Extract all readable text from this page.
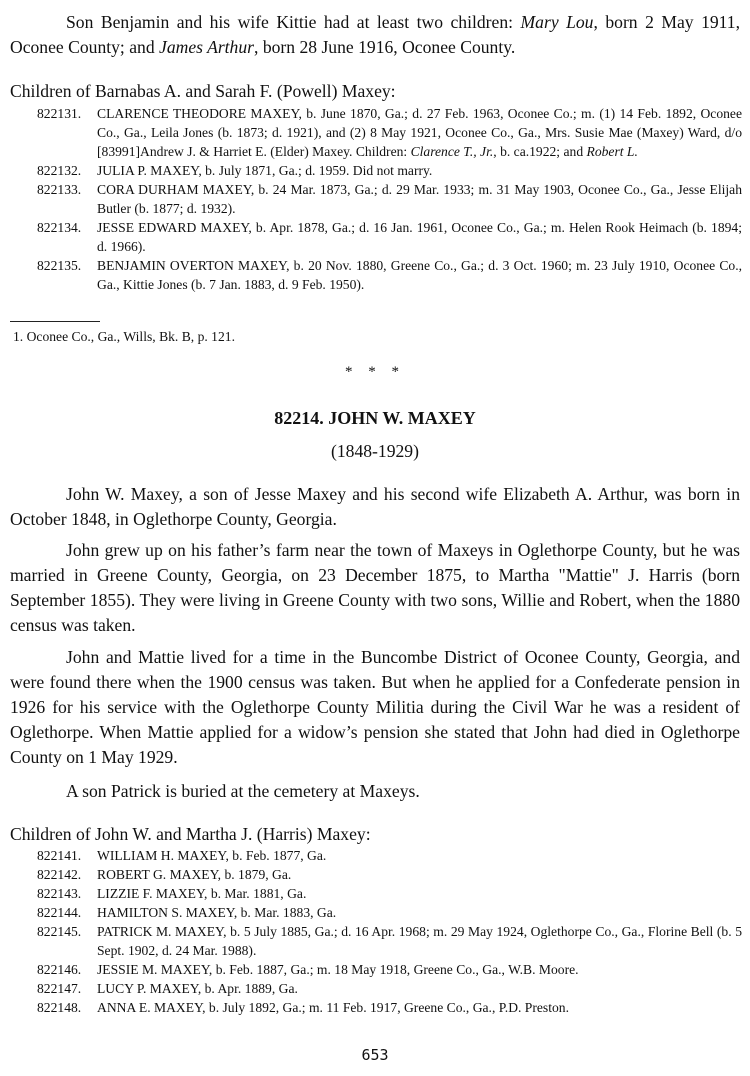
Son Benjamin and his wife Kittie had at least two children: Mary Lou, born 2 May 1911, Oconee County; and James Arthur, born 28 June 1916, Oconee County.

Children of Barnabas A. and Sarah F. (Powell) Maxey:

822131. CLARENCE THEODORE MAXEY, b. June 1870, Ga.; d. 27 Feb. 1963, Oconee Co.; m. (1) 14 Feb. 1892, Oconee Co., Ga., Leila Jones (b. 1873; d. 1921), and (2) 8 May 1921, Oconee Co., Ga., Mrs. Susie Mae (Maxey) Ward, d/o [83991]Andrew J. & Harriet E. (Elder) Maxey. Children: Clarence T., Jr., b. ca.1922; and Robert L.

822132. JULIA P. MAXEY, b. July 1871, Ga.; d. 1959. Did not marry.

822133. CORA DURHAM MAXEY, b. 24 Mar. 1873, Ga.; d. 29 Mar. 1933; m. 31 May 1903, Oconee Co., Ga., Jesse Elijah Butler (b. 1877; d. 1932).

822134. JESSE EDWARD MAXEY, b. Apr. 1878, Ga.; d. 16 Jan. 1961, Oconee Co., Ga.; m. Helen Rook Heimach (b. 1894; d. 1966).

822135. BENJAMIN OVERTON MAXEY, b. 20 Nov. 1880, Greene Co., Ga.; d. 3 Oct. 1960; m. 23 July 1910, Oconee Co., Ga., Kittie Jones (b. 7 Jan. 1883, d. 9 Feb. 1950).

1. Oconee Co., Ga., Wills, Bk. B, p. 121.

* * *

82214. JOHN W. MAXEY

(1848-1929)

John W. Maxey, a son of Jesse Maxey and his second wife Elizabeth A. Arthur, was born in October 1848, in Oglethorpe County, Georgia.

John grew up on his father’s farm near the town of Maxeys in Oglethorpe County, but he was married in Greene County, Georgia, on 23 December 1875, to Martha "Mattie" J. Harris (born September 1855). They were living in Greene County with two sons, Willie and Robert, when the 1880 census was taken.

John and Mattie lived for a time in the Buncombe District of Oconee County, Georgia, and were found there when the 1900 census was taken. But when he applied for a Confederate pension in 1926 for his service with the Oglethorpe County Militia during the Civil War he was a resident of Oglethorpe. When Mattie applied for a widow’s pension she stated that John had died in Oglethorpe County on 1 May 1929.

A son Patrick is buried at the cemetery at Maxeys.

Children of John W. and Martha J. (Harris) Maxey:

822141. WILLIAM H. MAXEY, b. Feb. 1877, Ga.

822142. ROBERT G. MAXEY, b. 1879, Ga.

822143. LIZZIE F. MAXEY, b. Mar. 1881, Ga.

822144. HAMILTON S. MAXEY, b. Mar. 1883, Ga.

822145. PATRICK M. MAXEY, b. 5 July 1885, Ga.; d. 16 Apr. 1968; m. 29 May 1924, Oglethorpe Co., Ga., Florine Bell (b. 5 Sept. 1902, d. 24 Mar. 1988).

822146. JESSIE M. MAXEY, b. Feb. 1887, Ga.; m. 18 May 1918, Greene Co., Ga., W.B. Moore.

822147. LUCY P. MAXEY, b. Apr. 1889, Ga.

822148. ANNA E. MAXEY, b. July 1892, Ga.; m. 11 Feb. 1917, Greene Co., Ga., P.D. Preston.

653
